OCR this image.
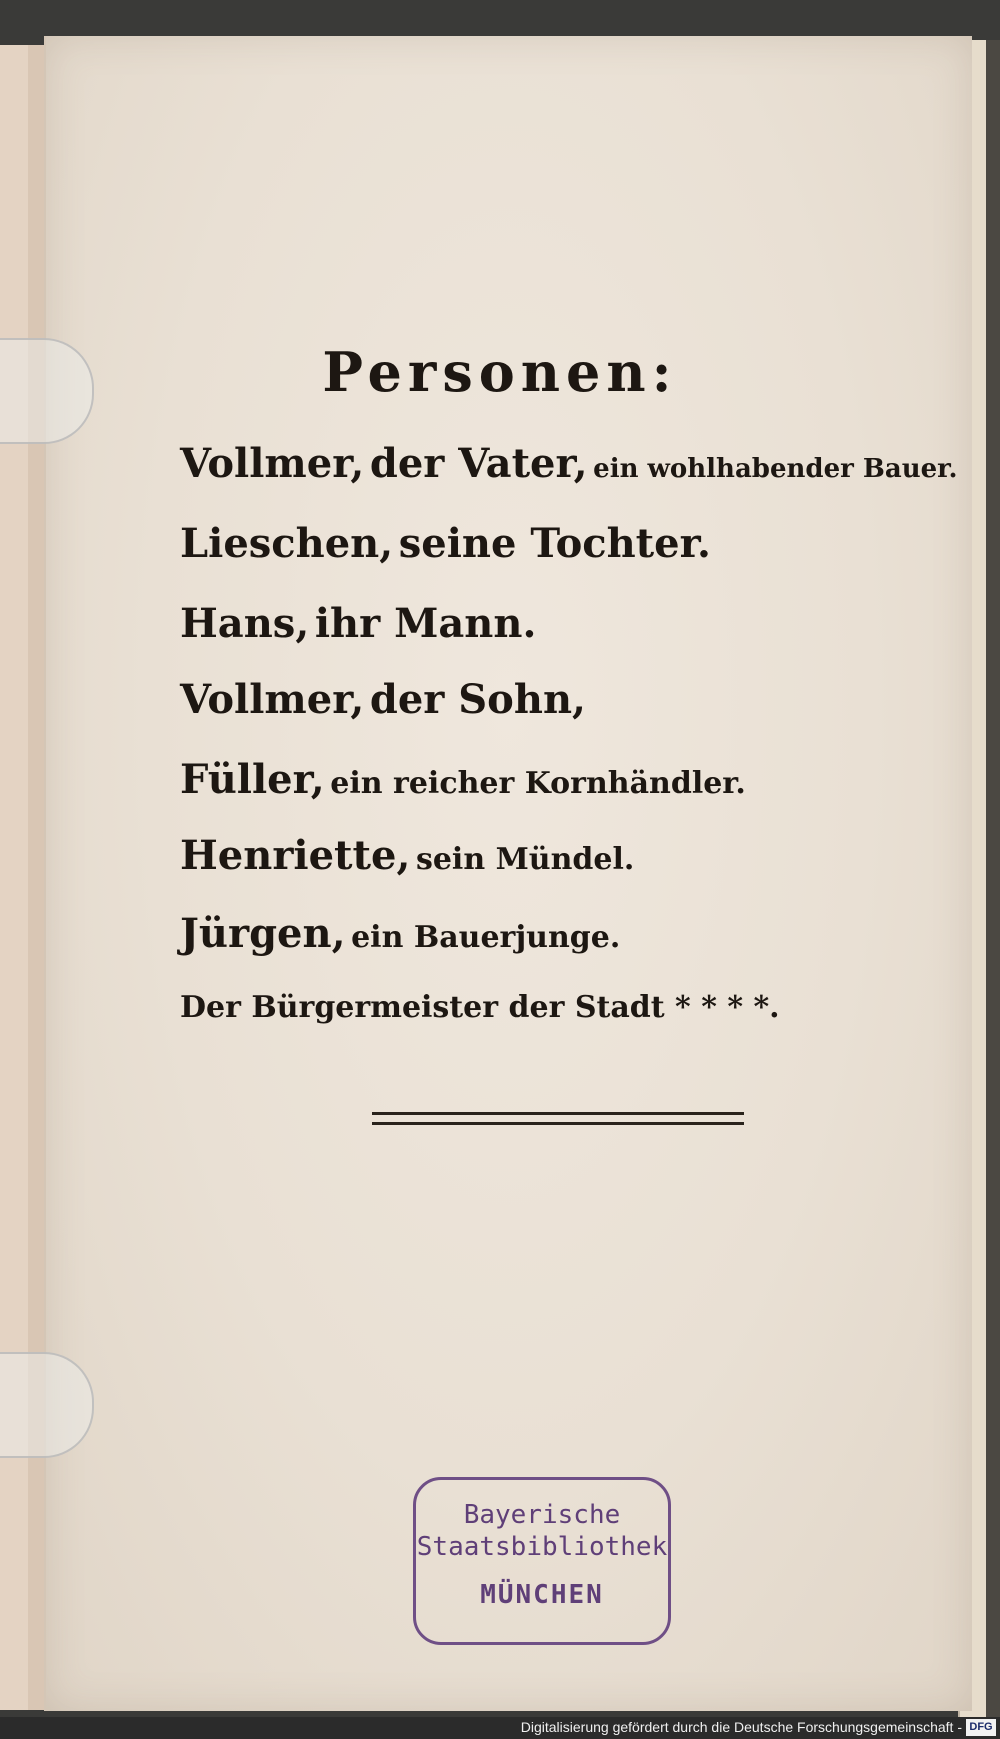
Personen:
Vollmer, der Vater, ein wohlhabender Bauer.
Lieschen, seine Tochter.
Hans, ihr Mann.
Vollmer, der Sohn,
Füller, ein reicher Kornhändler.
Henriette, sein Mündel.
Jürgen, ein Bauerjunge.
Der Bürgermeister der Stadt * * * *.
Bayerische
Staatsbibliothek
MÜNCHEN
Digitalisierung gefördert durch die Deutsche Forschungsgemeinschaft - DFG
